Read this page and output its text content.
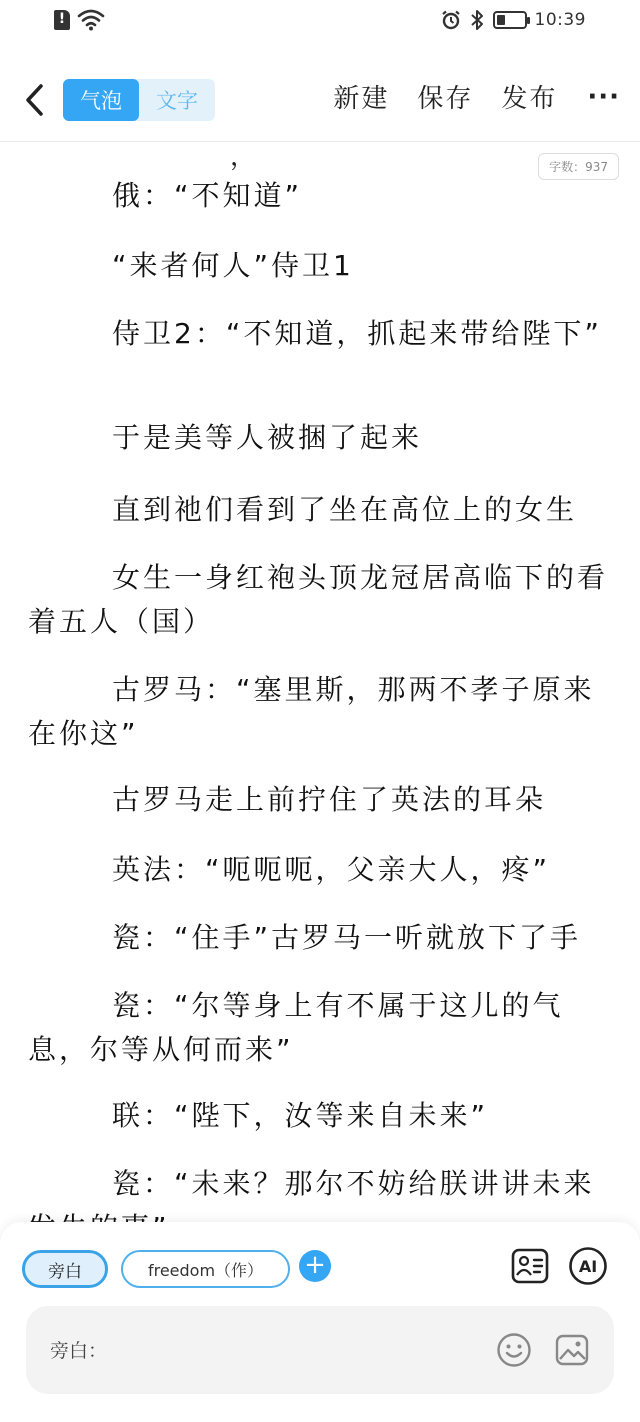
!
10:39
气泡	文字	新建 保存 发布 ···
，

俄：“不知道”

“来者何人”侍卫1

侍卫2：“不知道，抓起来带给陛下”

于是美等人被捆了起来

直到祂们看到了坐在高位上的女生

女生一身红袍头顶龙冠居高临下的看着五人（国）

古罗马：“塞里斯，那两不孝子原来在你这”

古罗马走上前拧住了英法的耳朵

英法：“呃呃呃，父亲大人，疼”

瓷：“住手”古罗马一听就放下了手

瓷：“尔等身上有不属于这儿的气息，尔等从何而来”

联：“陛下，汝等来自未来”

瓷：“未来？那尔不妨给朕讲讲未来

字数：937
旁白	freedom（作）	+	AI
旁白：
